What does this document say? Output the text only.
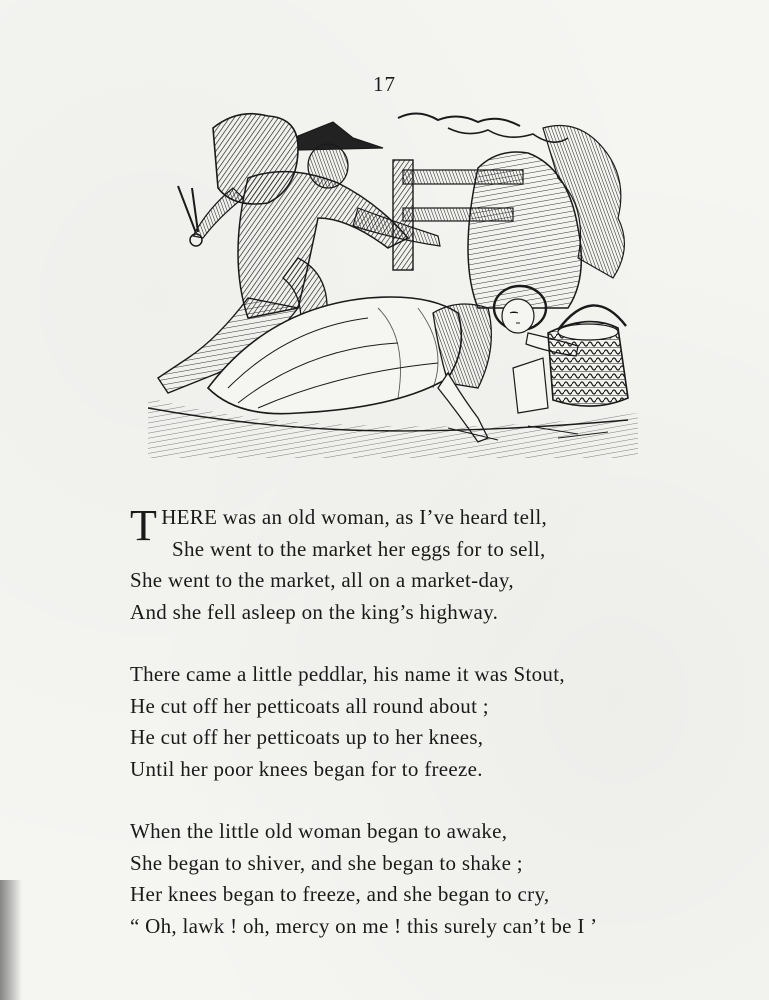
17
THERE was an old woman, as I’ve heard tell,
She went to the market her eggs for to sell,
She went to the market, all on a market-day,
And she fell asleep on the king’s highway.
There came a little peddlar, his name it was Stout,
He cut off her petticoats all round about ;
He cut off her petticoats up to her knees,
Until her poor knees began for to freeze.
When the little old woman began to awake,
She began to shiver, and she began to shake ;
Her knees began to freeze, and she began to cry,
“ Oh, lawk ! oh, mercy on me ! this surely can’t be I ’
